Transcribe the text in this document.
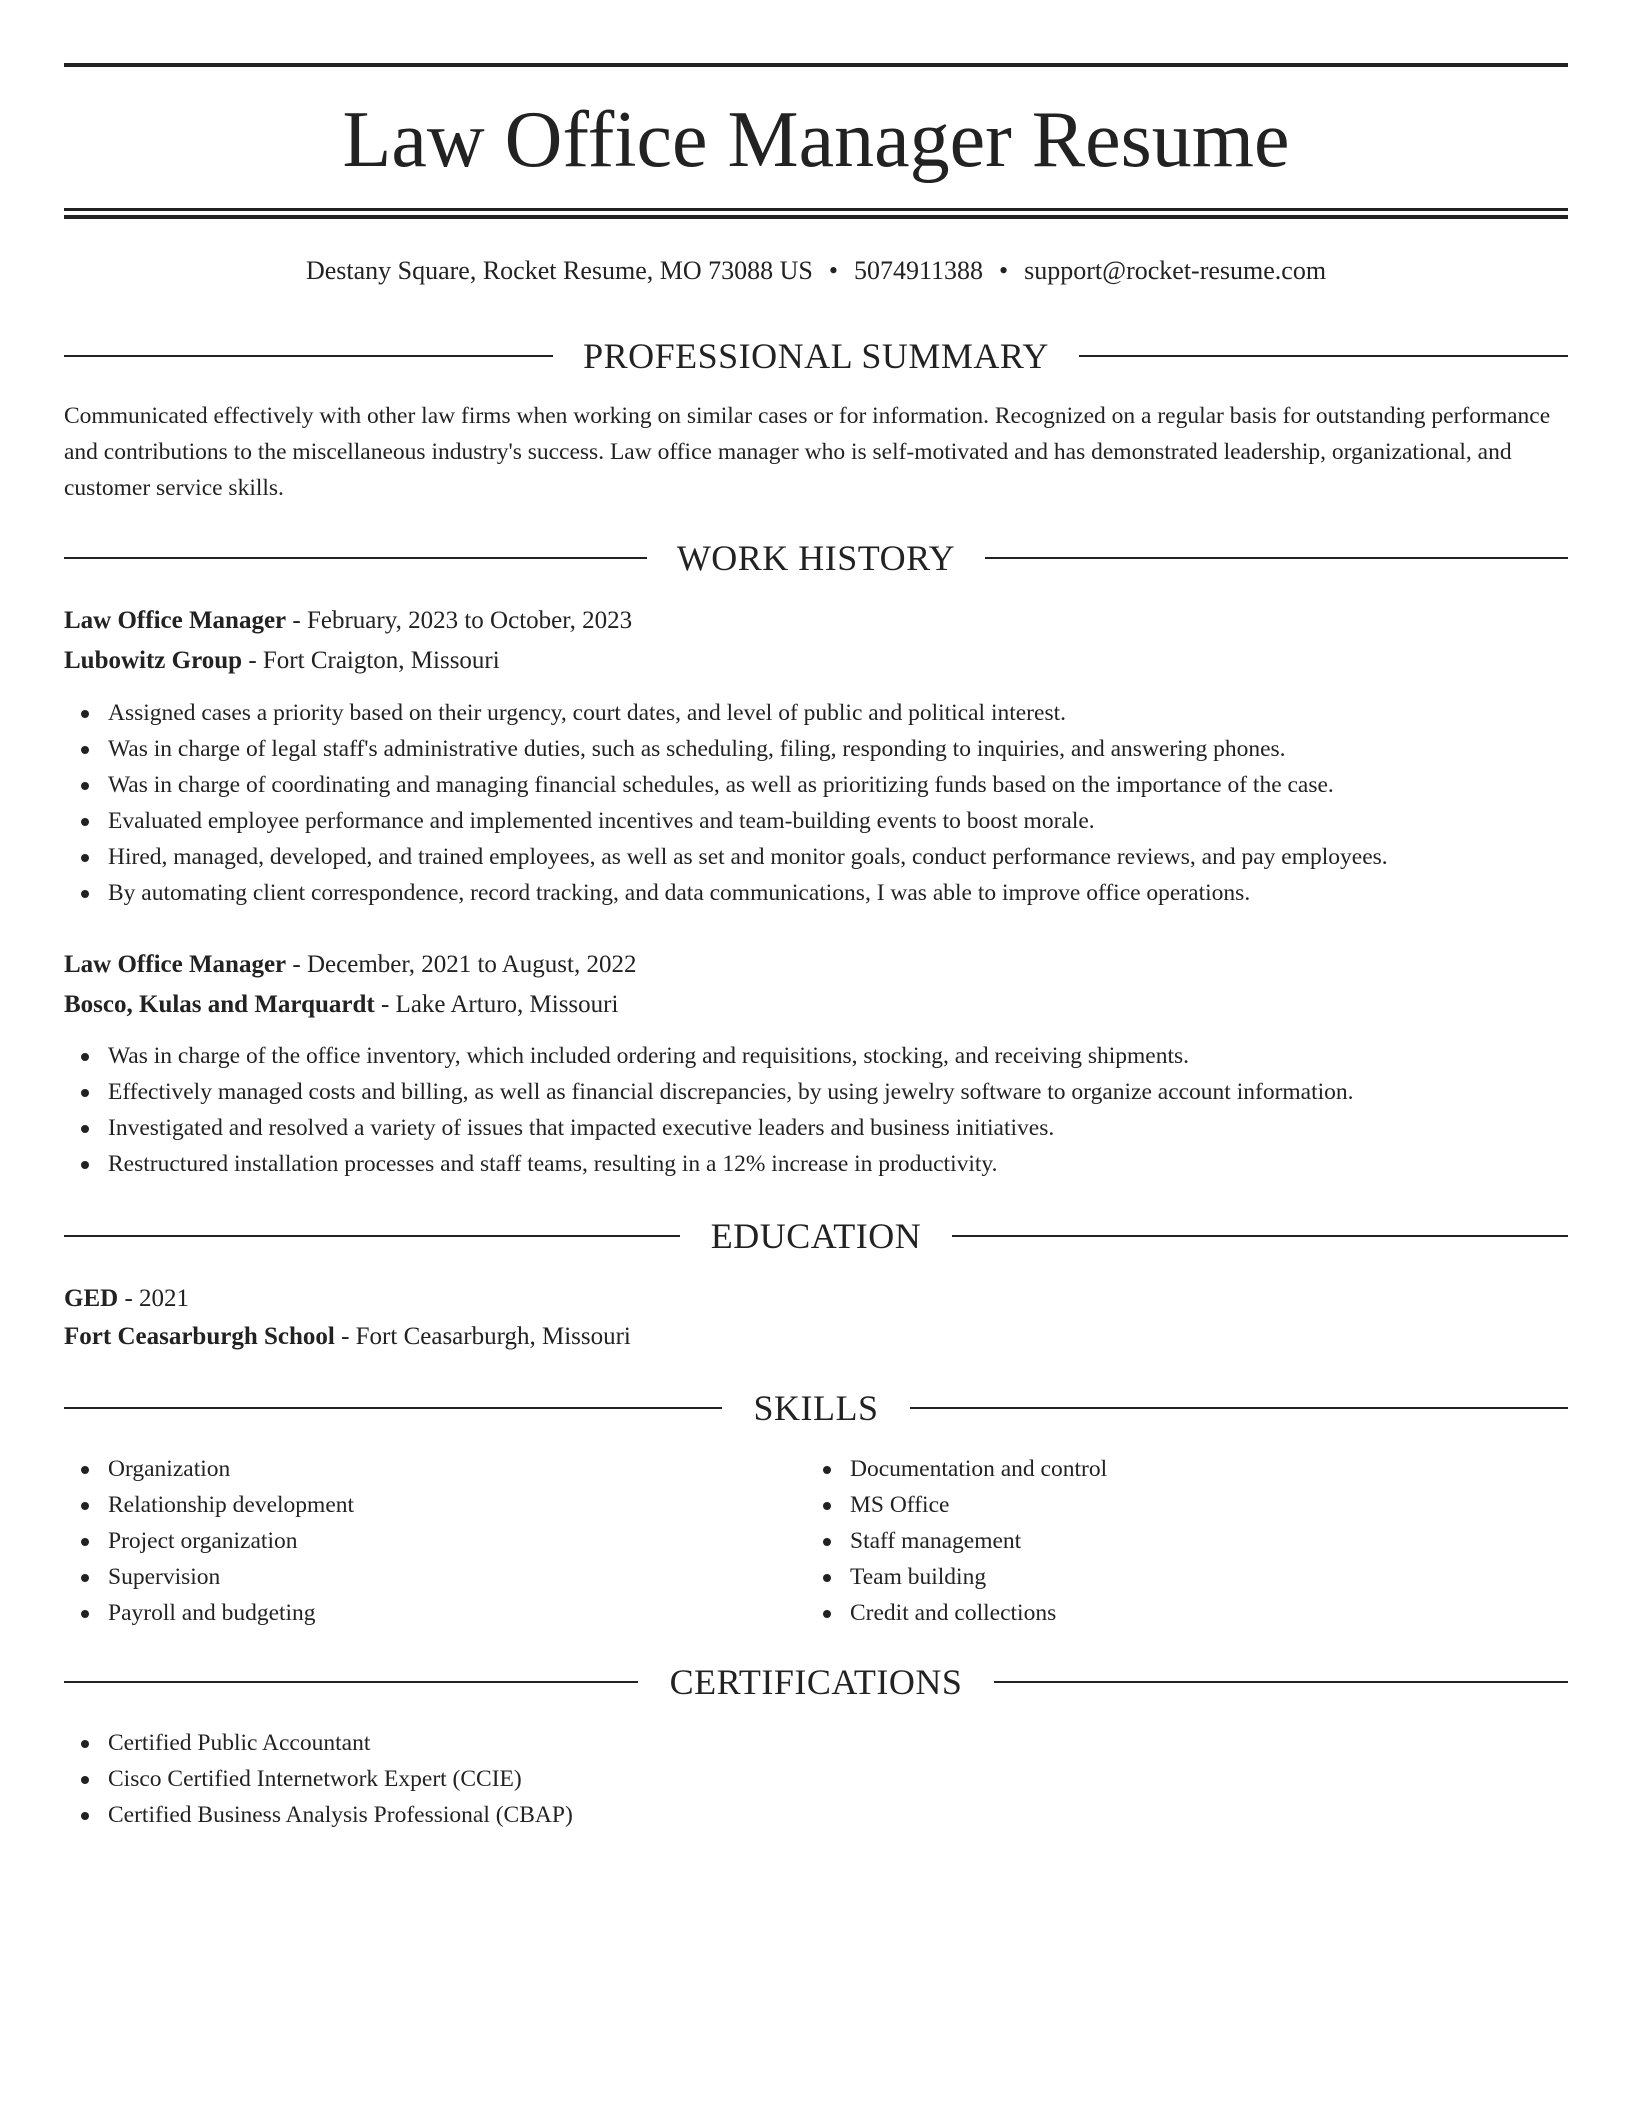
Law Office Manager Resume
Destany Square, Rocket Resume, MO 73088 US • 5074911388 • support@rocket-resume.com
PROFESSIONAL SUMMARY

Communicated effectively with other law firms when working on similar cases or for information. Recognized on a regular basis for outstanding performance and contributions to the miscellaneous industry's success. Law office manager who is self-motivated and has demonstrated leadership, organizational, and customer service skills.

WORK HISTORY
Law Office Manager - February, 2023 to October, 2023
Lubowitz Group - Fort Craigton, Missouri
Assigned cases a priority based on their urgency, court dates, and level of public and political interest.
Was in charge of legal staff's administrative duties, such as scheduling, filing, responding to inquiries, and answering phones.
Was in charge of coordinating and managing financial schedules, as well as prioritizing funds based on the importance of the case.
Evaluated employee performance and implemented incentives and team-building events to boost morale.
Hired, managed, developed, and trained employees, as well as set and monitor goals, conduct performance reviews, and pay employees.
By automating client correspondence, record tracking, and data communications, I was able to improve office operations.
Law Office Manager - December, 2021 to August, 2022
Bosco, Kulas and Marquardt - Lake Arturo, Missouri
Was in charge of the office inventory, which included ordering and requisitions, stocking, and receiving shipments.
Effectively managed costs and billing, as well as financial discrepancies, by using jewelry software to organize account information.
Investigated and resolved a variety of issues that impacted executive leaders and business initiatives.
Restructured installation processes and staff teams, resulting in a 12% increase in productivity.
EDUCATION
GED - 2021
Fort Ceasarburgh School - Fort Ceasarburgh, Missouri
SKILLS
Organization
Relationship development
Project organization
Supervision
Payroll and budgeting
Documentation and control
MS Office
Staff management
Team building
Credit and collections
CERTIFICATIONS
Certified Public Accountant
Cisco Certified Internetwork Expert (CCIE)
Certified Business Analysis Professional (CBAP)
